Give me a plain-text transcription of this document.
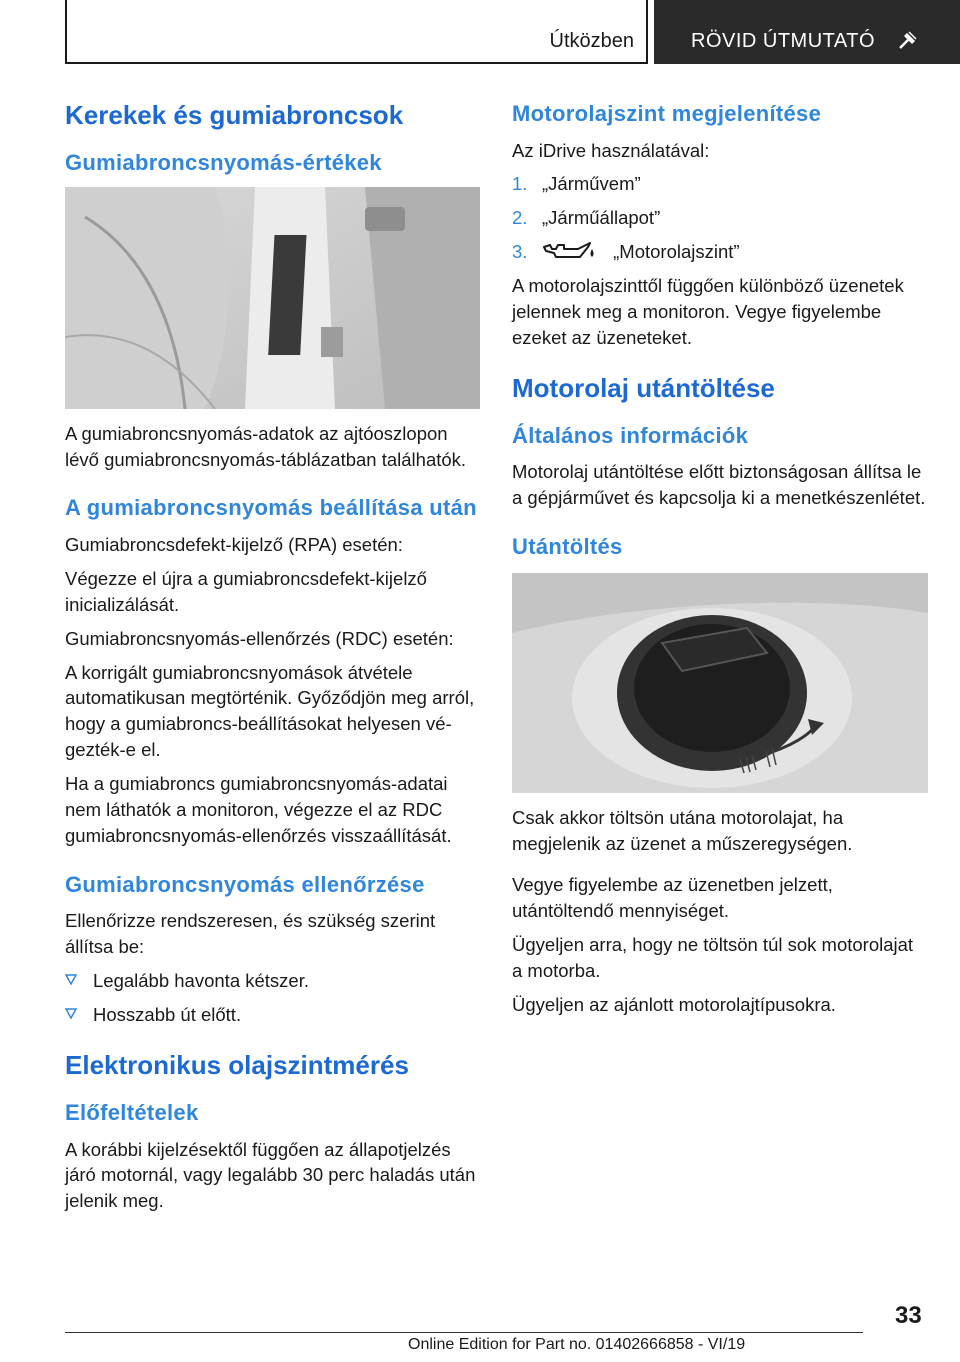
Útközben	RÖVID ÚTMUTATÓ
Kerekek és gumiabroncsok
Gumiabroncsnyomás-értékek

A gumiabroncsnyomás-adatok az ajtóoszlopon lévő gumiabroncsnyomás-táblázatban találhatók.

A gumiabroncsnyomás beállítása után

Gumiabroncsdefekt-kijelző (RPA) esetén:

Végezze el újra a gumiabroncsdefekt-kijelző inicializálását.

Gumiabroncsnyomás-ellenőrzés (RDC) esetén:

A korrigált gumiabroncsnyomások átvétele automatikusan megtörténik. Győződjön meg arról, hogy a gumiabroncs-beállításokat helyesen végezték-e el.

Ha a gumiabroncs gumiabroncsnyomás-adatai nem láthatók a monitoron, végezze el az RDC gumiabroncsnyomás-ellenőrzés visszaállítását.

Gumiabroncsnyomás ellenőrzése

Ellenőrizze rendszeresen, és szükség szerint állítsa be:

Legalább havonta kétszer.
Hosszabb út előtt.
Elektronikus olajszintmérés
Előfeltételek

A korábbi kijelzésektől függően az állapotjelzés járó motornál, vagy legalább 30 perc haladás után jelenik meg.

Motorolajszint megjelenítése

Az iDrive használatával:

1. „Járművem”
2. „Járműállapot”
3.	„Motorolajszint”

A motorolajszinttől függően különböző üzenetek jelennek meg a monitoron. Vegye figyelembe ezeket az üzeneteket.

Motorolaj utántöltése
Általános információk

Motorolaj utántöltése előtt biztonságosan állítsa le a gépjárművet és kapcsolja ki a menetkészenlétet.

Utántöltés

Csak akkor töltsön utána motorolajat, ha megjelenik az üzenet a műszeregységen.

Vegye figyelembe az üzenetben jelzett, utántöltendő mennyiséget.

Ügyeljen arra, hogy ne töltsön túl sok motorolajat a motorba.

Ügyeljen az ajánlott motorolajtípusokra.

33
Online Edition for Part no. 01402666858 - VI/19
